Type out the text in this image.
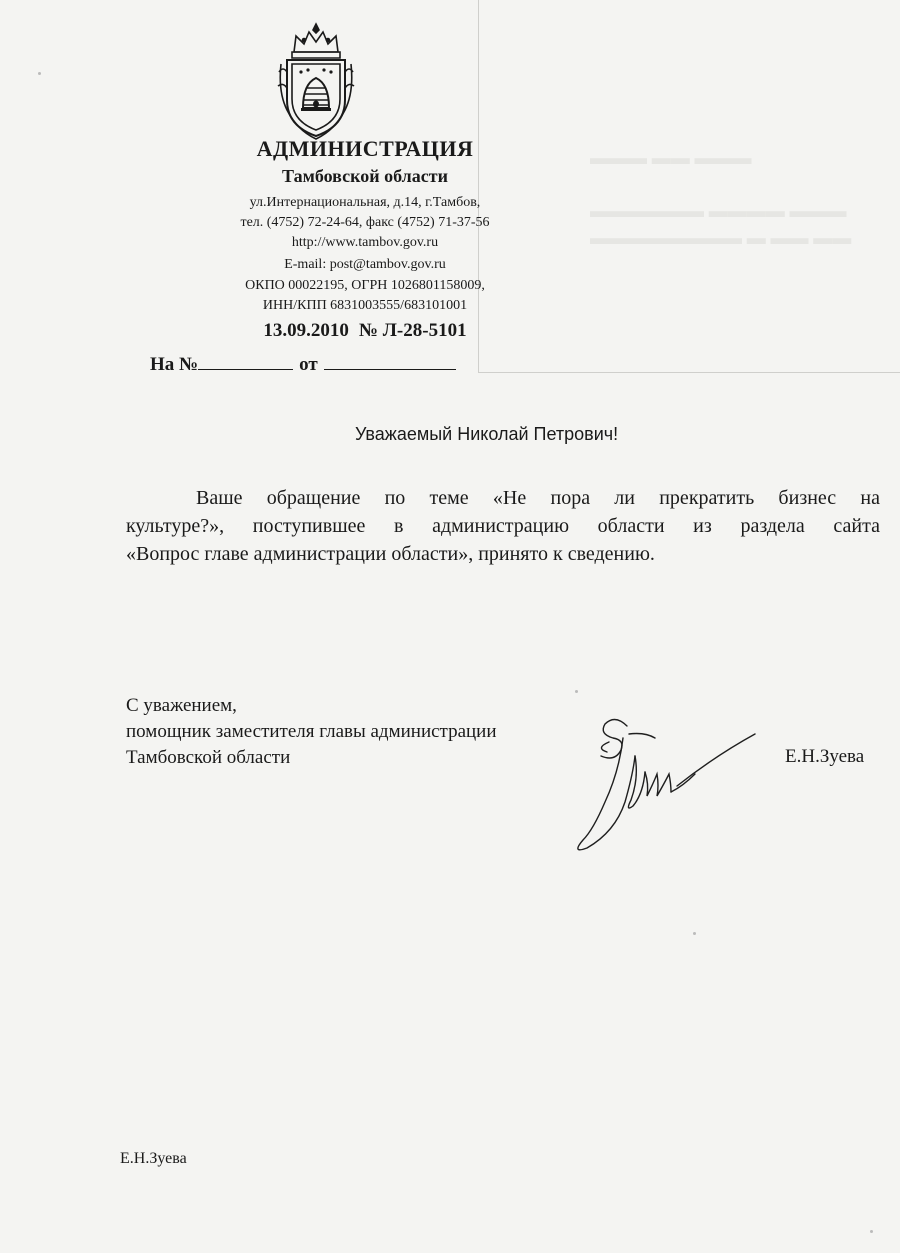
▬▬▬ ▬▬ ▬▬▬
▬▬▬▬▬▬ ▬▬▬▬ ▬▬▬
▬▬▬▬▬▬▬▬ ▬ ▬▬ ▬▬
АДМИНИСТРАЦИЯ
Тамбовской области
ул.Интернациональная, д.14, г.Тамбов,
тел. (4752) 72-24-64, факс (4752) 71-37-56
http://www.tambov.gov.ru
E-mail: post@tambov.gov.ru
ОКПО 00022195, ОГРН 1026801158009,
ИНН/КПП 6831003555/683101001
13.09.2010 № Л-28-5101
На №	от
Уважаемый Николай Петрович!
Ваше обращение по теме «Не пора ли прекратить бизнес на
культуре?», поступившее в администрацию области из раздела сайта
«Вопрос главе администрации области», принято к сведению.
С уважением,
помощник заместителя главы администрации
Тамбовской области	Е.Н.Зуева
Е.Н.Зуева
